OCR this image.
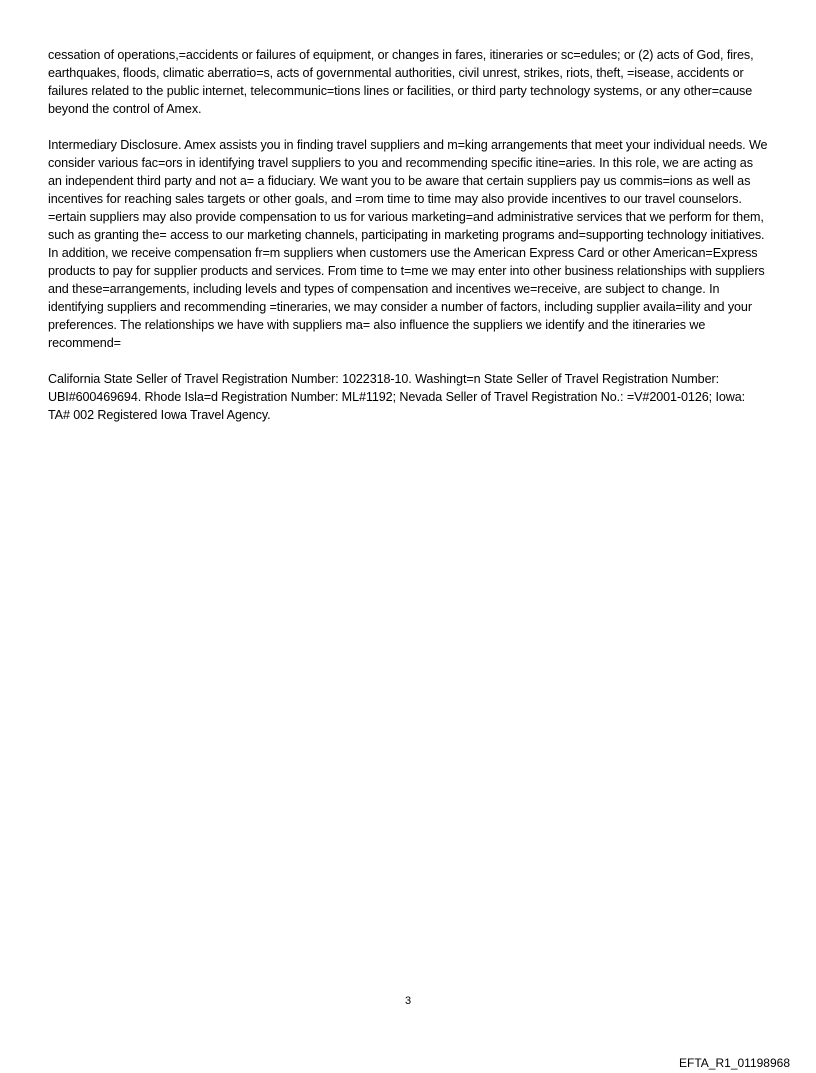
cessation of operations,=accidents or failures of equipment, or changes in fares, itineraries or sc=edules; or (2) acts of God, fires, earthquakes, floods, climatic aberratio=s, acts of governmental authorities, civil unrest, strikes, riots, theft, =isease, accidents or failures related to the public internet, telecommunic=tions lines or facilities, or third party technology systems, or any other=cause beyond the control of Amex.

Intermediary Disclosure. Amex assists you in finding travel suppliers and m=king arrangements that meet your individual needs. We consider various fac=ors in identifying travel suppliers to you and recommending specific itine=aries. In this role, we are acting as an independent third party and not a= a fiduciary. We want you to be aware that certain suppliers pay us commis=ions as well as incentives for reaching sales targets or other goals, and =rom time to time may also provide incentives to our travel counselors. =ertain suppliers may also provide compensation to us for various marketing=and administrative services that we perform for them, such as granting the= access to our marketing channels, participating in marketing programs and=supporting technology initiatives. In addition, we receive compensation fr=m suppliers when customers use the American Express Card or other American=Express products to pay for supplier products and services. From time to t=me we may enter into other business relationships with suppliers and these=arrangements, including levels and types of compensation and incentives we=receive, are subject to change. In identifying suppliers and recommending =tineraries, we may consider a number of factors, including supplier availa=ility and your preferences. The relationships we have with suppliers ma= also influence the suppliers we identify and the itineraries we recommend=

California State Seller of Travel Registration Number: 1022318-10. Washingt=n State Seller of Travel Registration Number: UBI#600469694. Rhode Isla=d Registration Number: ML#1192; Nevada Seller of Travel Registration No.: =V#2001-0126; Iowa: TA# 002 Registered Iowa Travel Agency.

3
EFTA_R1_01198968
